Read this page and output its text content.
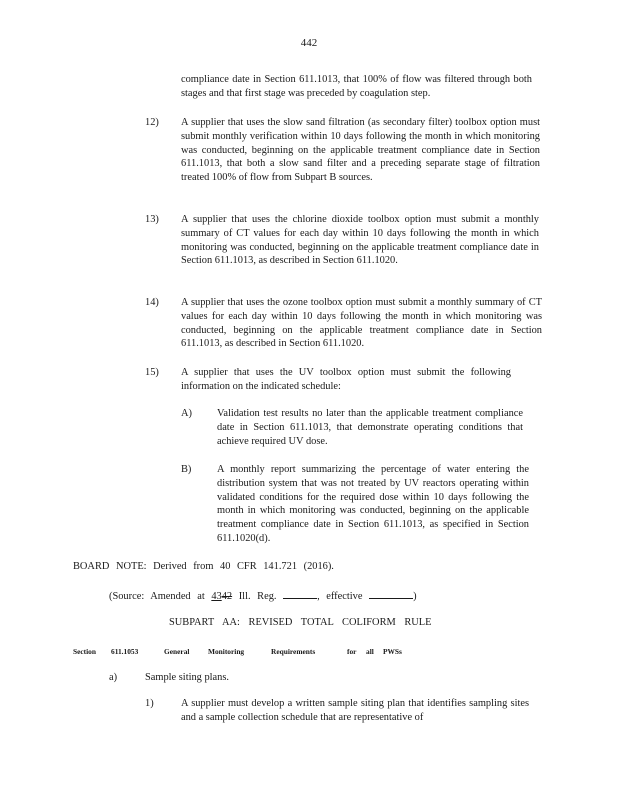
442

compliance date in Section 611.1013, that 100% of flow was filtered through both stages and that first stage was preceded by coagulation step.

12) A supplier that uses the slow sand filtration (as secondary filter) toolbox option must submit monthly verification within 10 days following the month in which monitoring was conducted, beginning on the applicable treatment compliance date in Section 611.1013, that both a slow sand filter and a preceding separate stage of filtration treated 100% of flow from Subpart B sources.

13) A supplier that uses the chlorine dioxide toolbox option must submit a monthly summary of CT values for each day within 10 days following the month in which monitoring was conducted, beginning on the applicable treatment compliance date in Section 611.1013, as described in Section 611.1020.

14) A supplier that uses the ozone toolbox option must submit a monthly summary of CT values for each day within 10 days following the month in which monitoring was conducted, beginning on the applicable treatment compliance date in Section 611.1013, as described in Section 611.1020.

15) A supplier that uses the UV toolbox option must submit the following information on the indicated schedule:

A) Validation test results no later than the applicable treatment compliance date in Section 611.1013, that demonstrate operating conditions that achieve required UV dose.

B) A monthly report summarizing the percentage of water entering the distribution system that was not treated by UV reactors operating within validated conditions for the required dose within 10 days following the month in which monitoring was conducted, beginning on the applicable treatment compliance date in Section 611.1013, as specified in Section 611.1020(d).

BOARD NOTE: Derived from 40 CFR 141.721 (2016).
(Source: Amended at 4342 Ill. Reg.	, effective	)
SUBPART AA: REVISED TOTAL COLIFORM RULE
Section 611.1053	General	Monitoring	Requirements	for all PWSs
a)	Sample siting plans.
1)	A supplier must develop a written sample siting plan that identifies sampling sites and a sample collection schedule that are representative of
